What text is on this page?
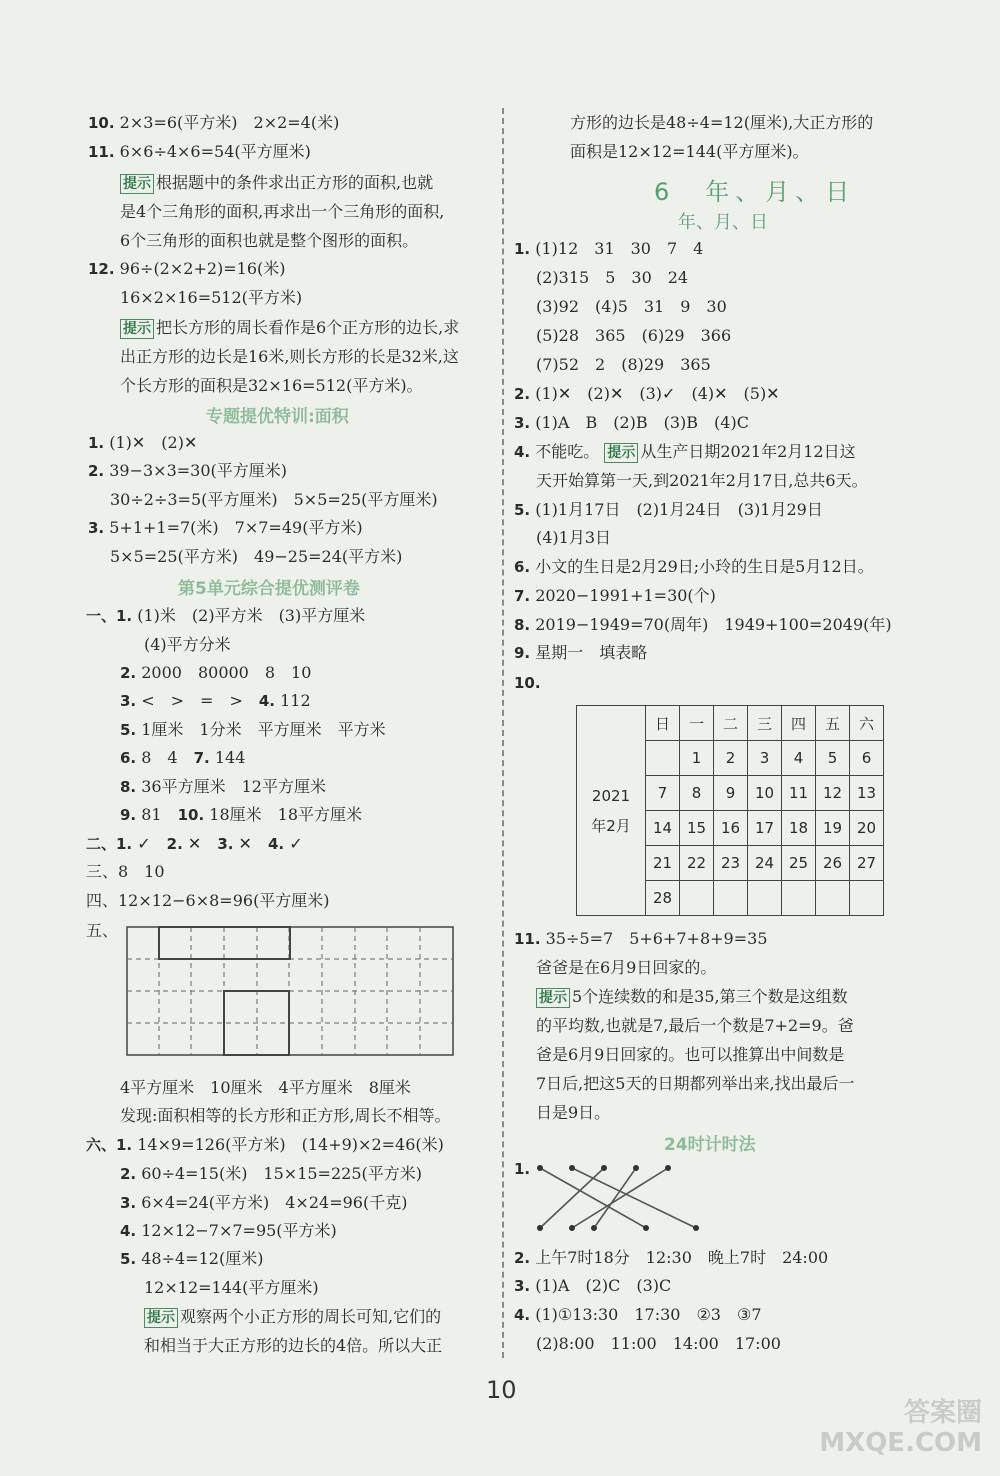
10. 2×3=6(平方米)　2×2=4(米)
11. 6×6÷4×6=54(平方厘米)
提示 根据题中的条件求出正方形的面积,也就
是4个三角形的面积,再求出一个三角形的面积,
6个三角形的面积也就是整个图形的面积。
12. 96÷(2×2+2)=16(米)
16×2×16=512(平方米)
提示 把长方形的周长看作是6个正方形的边长,求
出正方形的边长是16米,则长方形的长是32米,这
个长方形的面积是32×16=512(平方米)。
专题提优特训:面积
1. (1)✕　(2)✕
2. 39−3×3=30(平方厘米)
30÷2÷3=5(平方厘米)　5×5=25(平方厘米)
3. 5+1+1=7(米)　7×7=49(平方米)
5×5=25(平方米)　49−25=24(平方米)
第5单元综合提优测评卷
一、1. (1)米　(2)平方米　(3)平方厘米
(4)平方分米
2. 2000　80000　8　10
3. <　>　=　>　4. 112
5. 1厘米　1分米　平方厘米　平方米
6. 8　4　7. 144
8. 36平方厘米　12平方厘米
9. 81　10. 18厘米　18平方厘米
二、1. ✓　2. ✕　3. ✕　4. ✓
三、8　10
四、12×12−6×8=96(平方厘米)
五、
4平方厘米　10厘米　4平方厘米　8厘米
发现:面积相等的长方形和正方形,周长不相等。
六、1. 14×9=126(平方米)　(14+9)×2=46(米)
2. 60÷4=15(米)　15×15=225(平方米)
3. 6×4=24(平方米)　4×24=96(千克)
4. 12×12−7×7=95(平方米)
5. 48÷4=12(厘米)
12×12=144(平方厘米)
提示 观察两个小正方形的周长可知,它们的
和相当于大正方形的边长的4倍。所以大正
方形的边长是48÷4=12(厘米),大正方形的
面积是12×12=144(平方厘米)。
6　年、月、日
年、月、日
1. (1)12　31　30　7　4
(2)315　5　30　24
(3)92　(4)5　31　9　30
(5)28　365　(6)29　366
(7)52　2　(8)29　365
2. (1)✕　(2)✕　(3)✓　(4)✕　(5)✕
3. (1)A　B　(2)B　(3)B　(4)C
4. 不能吃。 提示 从生产日期2021年2月12日这
天开始算第一天,到2021年2月17日,总共6天。
5. (1)1月17日　(2)1月24日　(3)1月29日
(4)1月3日
6. 小文的生日是2月29日;小玲的生日是5月12日。
7. 2020−1991+1=30(个)
8. 2019−1949=70(周年)　1949+100=2049(年)
9. 星期一　填表略
10.
2021
年2月	日	一	二	三	四	五	六
		1	2	3	4	5	6
	7	8	9	10	11	12	13
	14	15	16	17	18	19	20
	21	22	23	24	25	26	27
	28						
11. 35÷5=7　5+6+7+8+9=35
爸爸是在6月9日回家的。
提示 5个连续数的和是35,第三个数是这组数
的平均数,也就是7,最后一个数是7+2=9。爸
爸是6月9日回家的。也可以推算出中间数是
7日后,把这5天的日期都列举出来,找出最后一
日是9日。
24时计时法
1.
2. 上午7时18分　12:30　晚上7时　24:00
3. (1)A　(2)C　(3)C
4. (1)①13:30　17:30　②3　③7
(2)8:00　11:00　14:00　17:00
10
答案圈
MXQE.COM
